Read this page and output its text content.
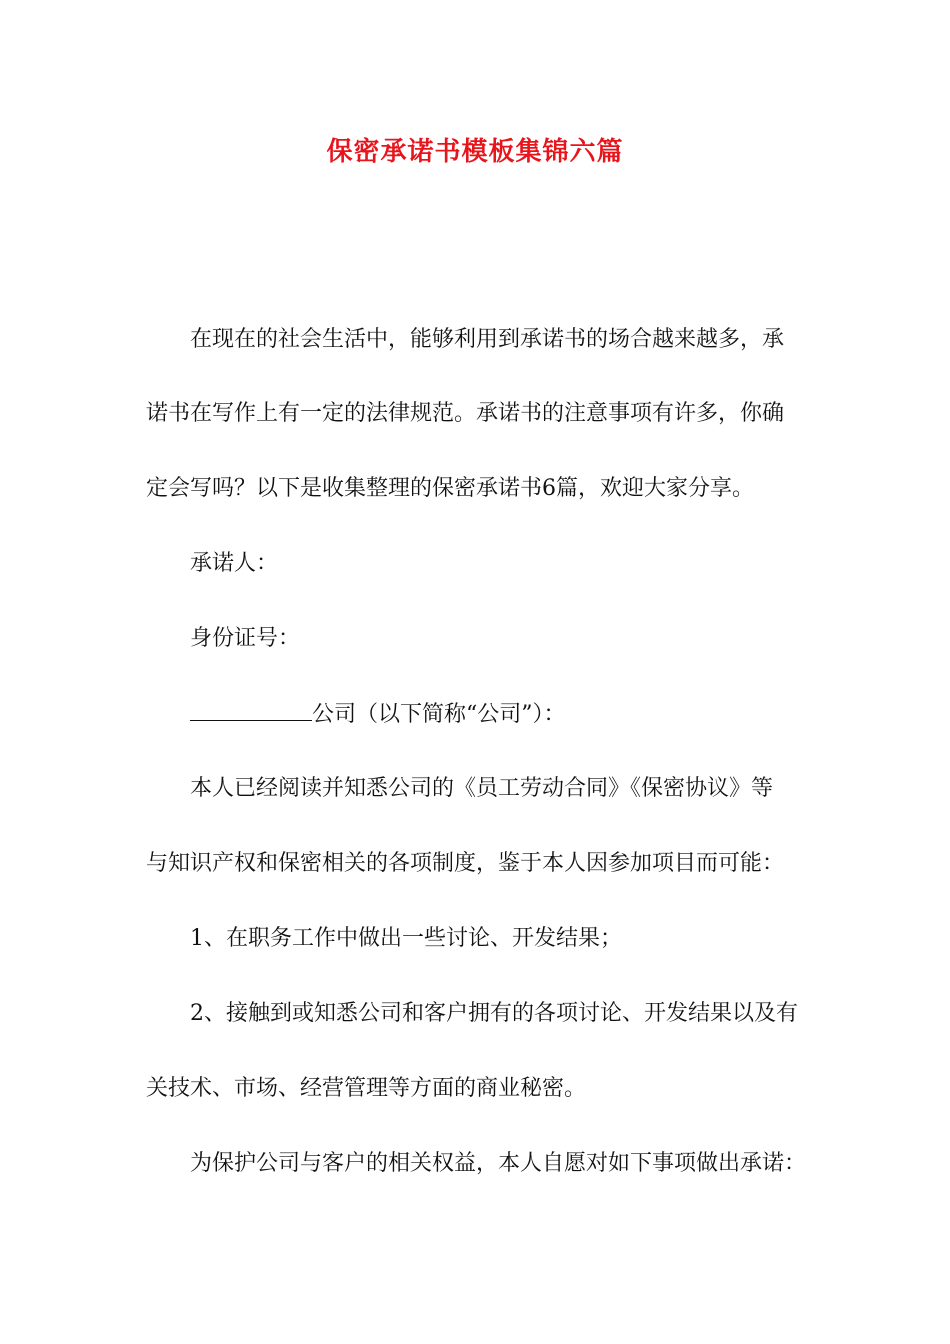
保密承诺书模板集锦六篇

在现在的社会生活中，能够利用到承诺书的场合越来越多，承

诺书在写作上有一定的法律规范。承诺书的注意事项有许多，你确

定会写吗？以下是收集整理的保密承诺书6篇，欢迎大家分享。

承诺人：

身份证号：

公司（以下简称“公司”）：

本人已经阅读并知悉公司的《员工劳动合同》《保密协议》等

与知识产权和保密相关的各项制度，鉴于本人因参加项目而可能：

1、在职务工作中做出一些讨论、开发结果；

2、接触到或知悉公司和客户拥有的各项讨论、开发结果以及有

关技术、市场、经营管理等方面的商业秘密。

为保护公司与客户的相关权益，本人自愿对如下事项做出承诺：
